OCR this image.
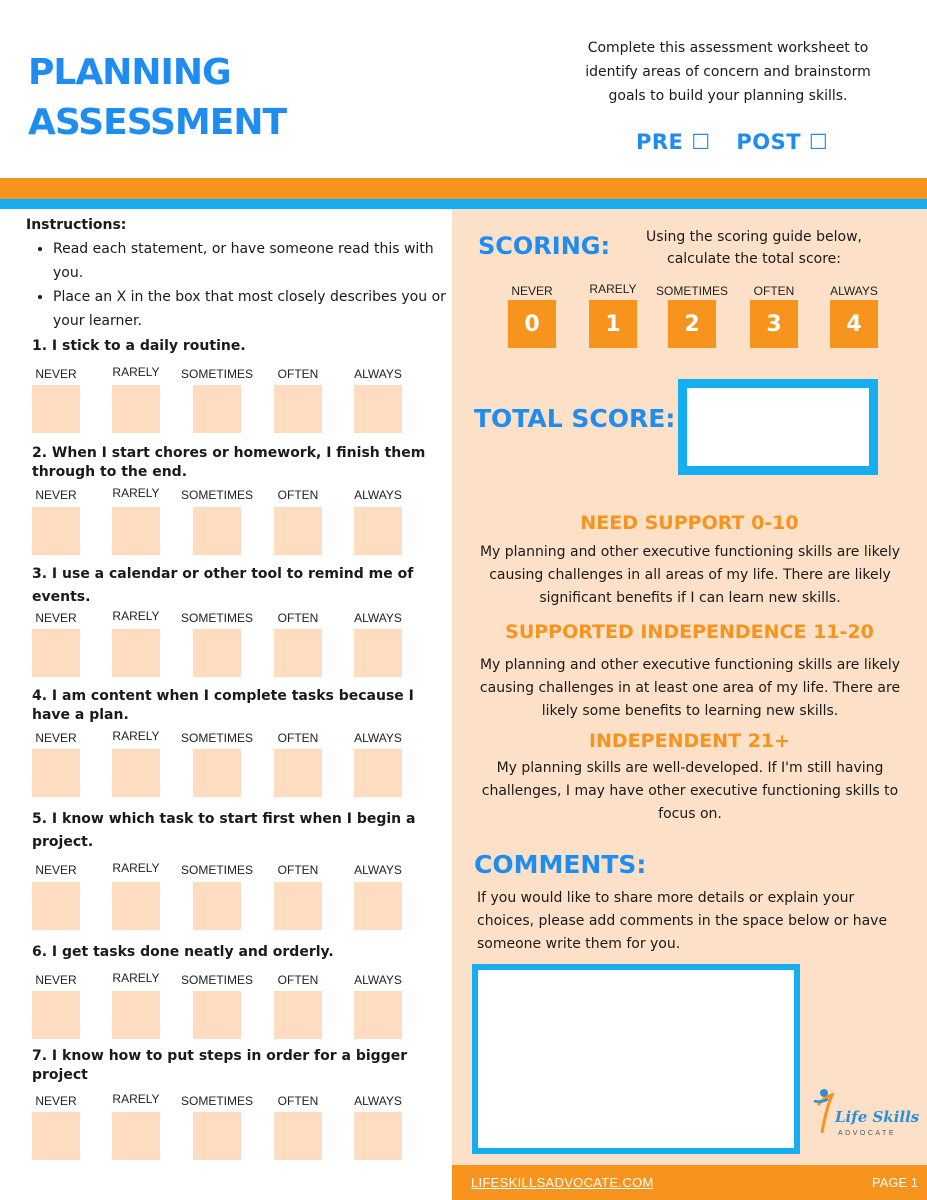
PLANNING ASSESSMENT
Complete this assessment worksheet to identify areas of concern and brainstorm goals to build your planning skills.
PRE ☐ POST ☐
Instructions:
• Read each statement, or have someone read this with you.
• Place an X in the box that most closely describes you or your learner.
1. I stick to a daily routine.
NEVER	RARELY	SOMETIMES	OFTEN	ALWAYS
2. When I start chores or homework, I finish them through to the end.
NEVER	RARELY	SOMETIMES	OFTEN	ALWAYS
3. I use a calendar or other tool to remind me of events.
NEVER	RARELY	SOMETIMES	OFTEN	ALWAYS
4. I am content when I complete tasks because I have a plan.
NEVER	RARELY	SOMETIMES	OFTEN	ALWAYS
5. I know which task to start first when I begin a project.
NEVER	RARELY	SOMETIMES	OFTEN	ALWAYS
6. I get tasks done neatly and orderly.
NEVER	RARELY	SOMETIMES	OFTEN	ALWAYS
7. I know how to put steps in order for a bigger project
NEVER	RARELY	SOMETIMES	OFTEN	ALWAYS
SCORING:	Using the scoring guide below, calculate the total score:
NEVER
0
RARELY
1
SOMETIMES
2
OFTEN
3
ALWAYS
4
TOTAL SCORE:
NEED SUPPORT 0-10
My planning and other executive functioning skills are likely causing challenges in all areas of my life. There are likely significant benefits if I can learn new skills.
SUPPORTED INDEPENDENCE 11-20
My planning and other executive functioning skills are likely causing challenges in at least one area of my life. There are likely some benefits to learning new skills.
INDEPENDENT 21+
My planning skills are well-developed. If I'm still having challenges, I may have other executive functioning skills to focus on.
COMMENTS:
If you would like to share more details or explain your choices, please add comments in the space below or have someone write them for you.
Life Skills
ADVOCATE
LIFESKILLSADVOCATE.COM	PAGE 1
